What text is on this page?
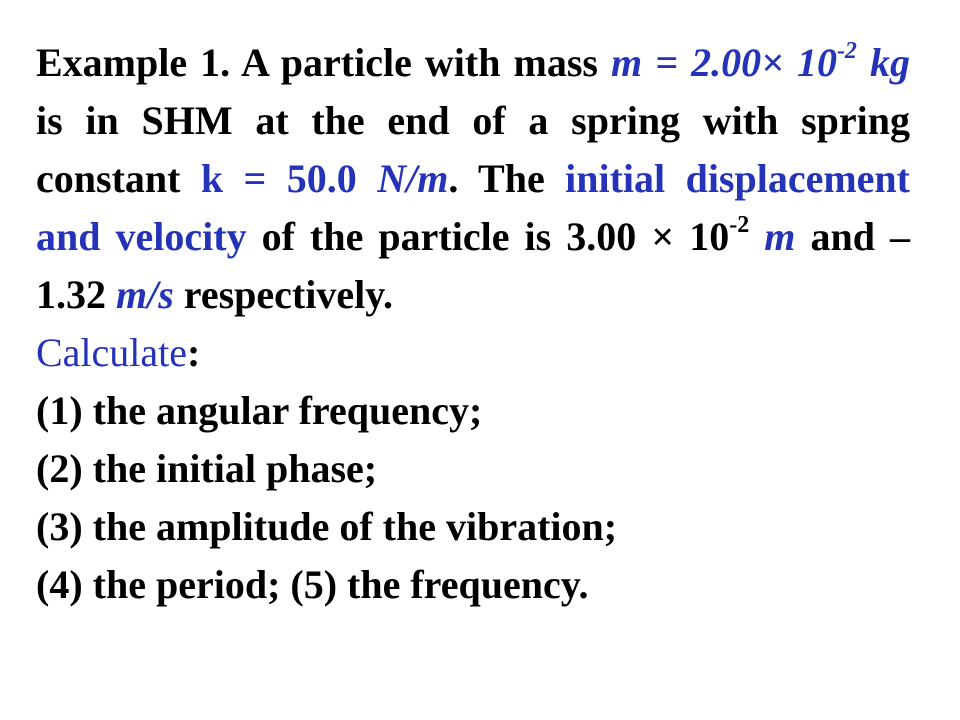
Example 1. A particle with mass $m = 2.00\times 10^{-2}$ kg is in SHM at the end of a spring with spring constant k = 50.0 N/m. The initial displacement and velocity of the particle is $3.00 \times 10^{-2}$ m and –1.32 m/s respectively.

Calculate:

(1) the angular frequency;

(2) the initial phase;

(3) the amplitude of the vibration;

(4) the period; (5) the frequency.
